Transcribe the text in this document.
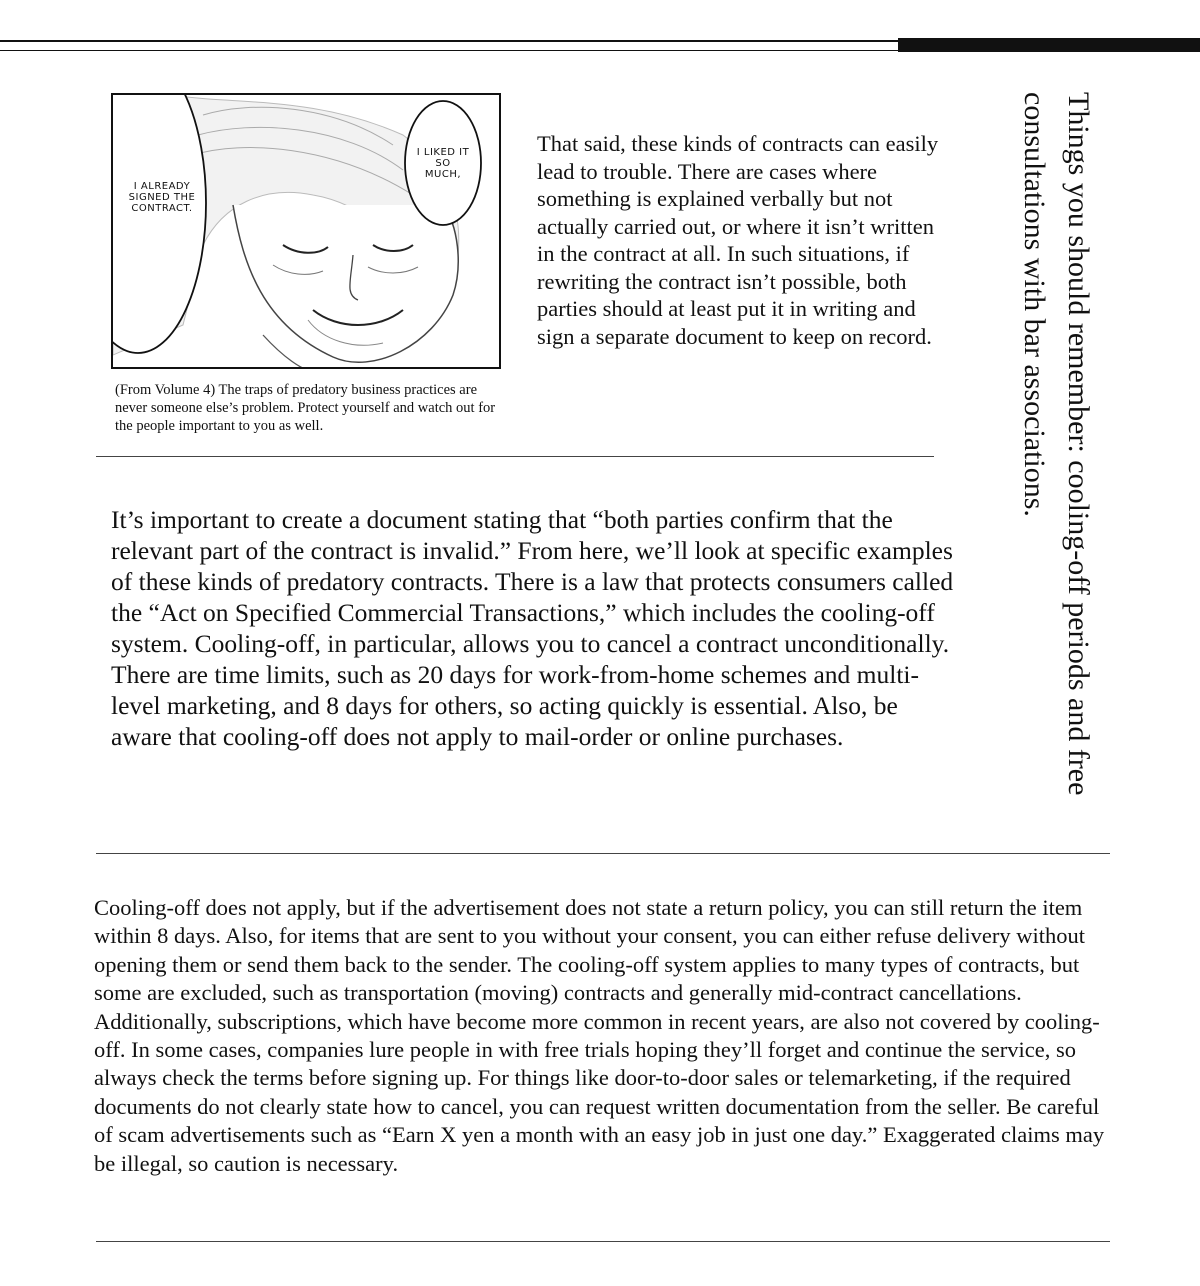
I ALREADY SIGNED THE CONTRACT.
I LIKED IT SO MUCH,
(From Volume 4) The traps of predatory business practices are never someone else’s problem. Protect yourself and watch out for the people important to you as well.
That said, these kinds of contracts can easily lead to trouble. There are cases where something is explained verbally but not actually carried out, or where it isn’t written in the contract at all. In such situations, if rewriting the contract isn’t possible, both parties should at least put it in writing and sign a separate document to keep on record.
It’s important to create a document stating that “both parties confirm that the relevant part of the contract is invalid.” From here, we’ll look at specific examples of these kinds of predatory contracts. There is a law that protects consumers called the “Act on Specified Commercial Transactions,” which includes the cooling-off system. Cooling-off, in particular, allows you to cancel a contract unconditionally. There are time limits, such as 20 days for work-from-home schemes and multi-level marketing, and 8 days for others, so acting quickly is essential. Also, be aware that cooling-off does not apply to mail-order or online purchases.
Cooling-off does not apply, but if the advertisement does not state a return policy, you can still return the item within 8 days. Also, for items that are sent to you without your consent, you can either refuse delivery without opening them or send them back to the sender. The cooling-off system applies to many types of contracts, but some are excluded, such as transportation (moving) contracts and generally mid-contract cancellations. Additionally, subscriptions, which have become more common in recent years, are also not covered by cooling-off. In some cases, companies lure people in with free trials hoping they’ll forget and continue the service, so always check the terms before signing up. For things like door-to-door sales or telemarketing, if the required documents do not clearly state how to cancel, you can request written documentation from the seller. Be careful of scam advertisements such as “Earn X yen a month with an easy job in just one day.” Exaggerated claims may be illegal, so caution is necessary.
Things you should remember: cooling-off periods and free consultations with bar associations.
